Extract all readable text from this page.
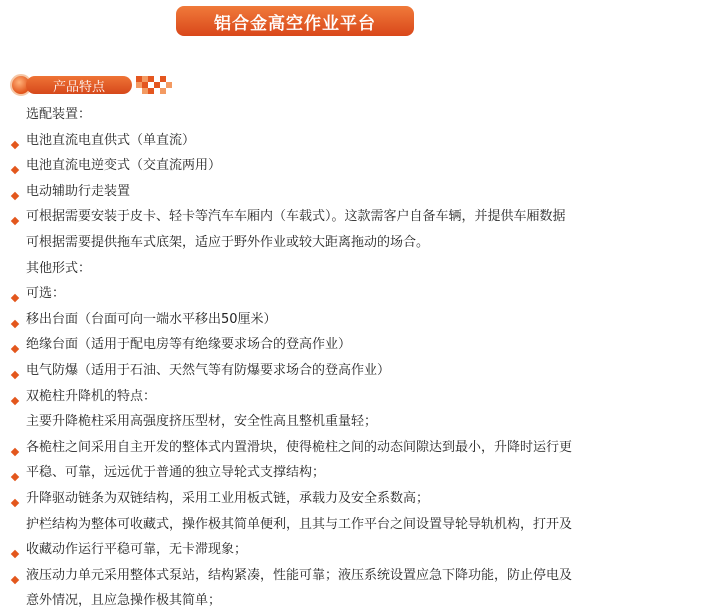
铝合金高空作业平台
产品特点
选配装置：
电池直流电直供式（单直流）
电池直流电逆变式（交直流两用）
电动辅助行走装置
可根据需要安装于皮卡、轻卡等汽车车厢内（车载式）。这款需客户自备车辆，并提供车厢数据
可根据需要提供拖车式底架，适应于野外作业或较大距离拖动的场合。
其他形式：
可选：
移出台面（台面可向一端水平移出50厘米）
绝缘台面（适用于配电房等有绝缘要求场合的登高作业）
电气防爆（适用于石油、天然气等有防爆要求场合的登高作业）
双桅柱升降机的特点：
主要升降桅柱采用高强度挤压型材，安全性高且整机重量轻；
各桅柱之间采用自主开发的整体式内置滑块，使得桅柱之间的动态间隙达到最小，升降时运行更
平稳、可靠，远远优于普通的独立导轮式支撑结构；
升降驱动链条为双链结构，采用工业用板式链，承载力及安全系数高；
护栏结构为整体可收藏式，操作极其简单便利，且其与工作平台之间设置导轮导轨机构，打开及
收藏动作运行平稳可靠，无卡滞现象；
液压动力单元采用整体式泵站，结构紧凑，性能可靠；液压系统设置应急下降功能，防止停电及
意外情况，且应急操作极其简单；
